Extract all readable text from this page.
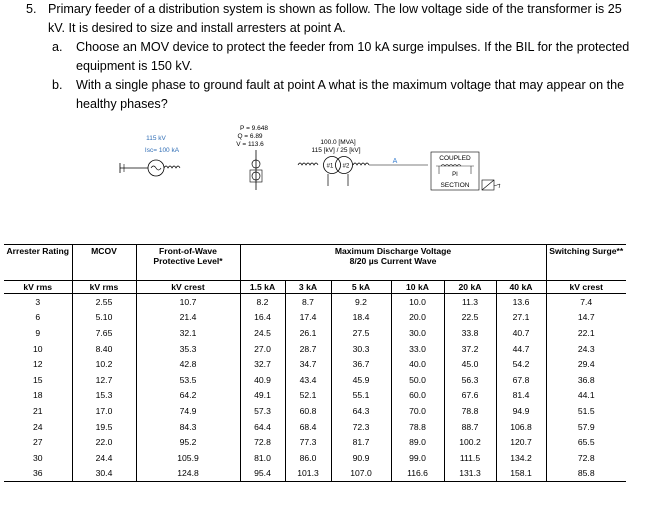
5. Primary feeder of a distribution system is shown as follow. The low voltage side of the transformer is 25 kV. It is desired to size and install arresters at point A.
a. Choose an MOV device to protect the feeder from 10 kA surge impulses. If the BIL for the protected equipment is 150 kV.
b. With a single phase to ground fault at point A what is the maximum voltage that may appear on the healthy phases?
115 kV
Isc= 100 kA
P = 9.648
Q = 6.89
V = 113.6	100.0 [MVA]
115 [kV] / 25 [kV]
#1 #2
A	COUPLED
PI
SECTION
Arrester Rating	MCOV	Front-of-Wave Protective Level*	Maximum Discharge Voltage
8/20 µs Current Wave						Switching Surge**
kV rms	kV rms	kV crest	1.5 kA	3 kA	5 kA	10 kA	20 kA	40 kA	kV crest
3	2.55	10.7	8.2	8.7	9.2	10.0	11.3	13.6	7.4
6	5.10	21.4	16.4	17.4	18.4	20.0	22.5	27.1	14.7
9	7.65	32.1	24.5	26.1	27.5	30.0	33.8	40.7	22.1
10	8.40	35.3	27.0	28.7	30.3	33.0	37.2	44.7	24.3
12	10.2	42.8	32.7	34.7	36.7	40.0	45.0	54.2	29.4
15	12.7	53.5	40.9	43.4	45.9	50.0	56.3	67.8	36.8
18	15.3	64.2	49.1	52.1	55.1	60.0	67.6	81.4	44.1
21	17.0	74.9	57.3	60.8	64.3	70.0	78.8	94.9	51.5
24	19.5	84.3	64.4	68.4	72.3	78.8	88.7	106.8	57.9
27	22.0	95.2	72.8	77.3	81.7	89.0	100.2	120.7	65.5
30	24.4	105.9	81.0	86.0	90.9	99.0	111.5	134.2	72.8
36	30.4	124.8	95.4	101.3	107.0	116.6	131.3	158.1	85.8
